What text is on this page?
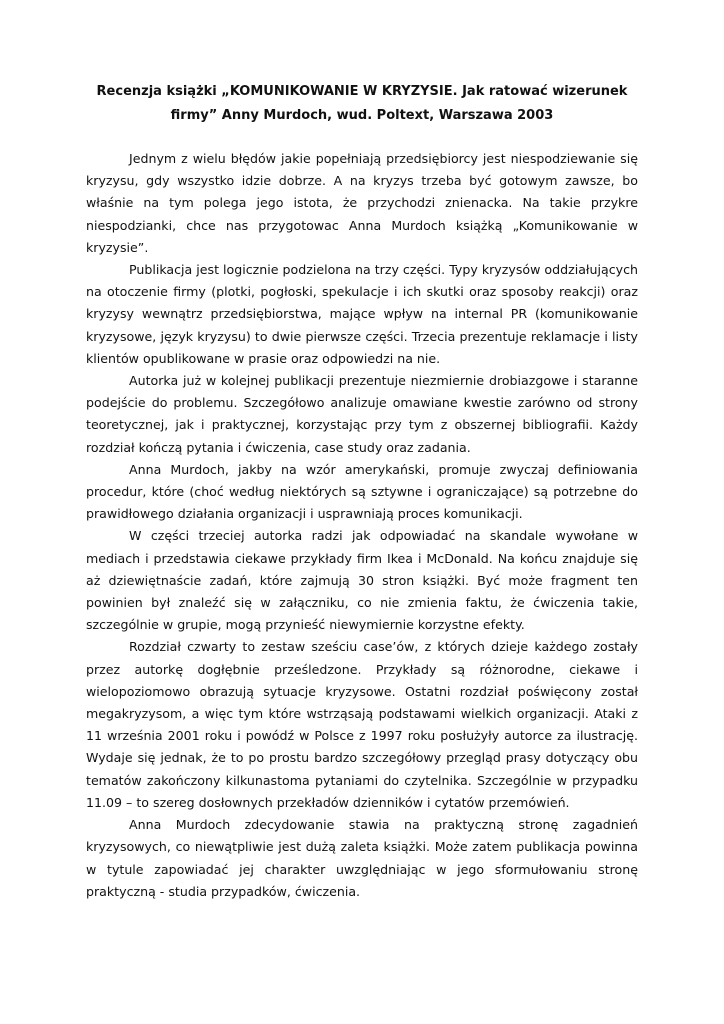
Recenzja książki „KOMUNIKOWANIE W KRYZYSIE. Jak ratować wizerunek firmy” Anny Murdoch, wud. Poltext, Warszawa 2003

Jednym z wielu błędów jakie popełniają przedsiębiorcy jest niespodziewanie się kryzysu, gdy wszystko idzie dobrze. A na kryzys trzeba być gotowym zawsze, bo właśnie na tym polega jego istota, że przychodzi znienacka. Na takie przykre niespodzianki, chce nas przygotowac Anna Murdoch książką „Komunikowanie w kryzysie”.

Publikacja jest logicznie podzielona na trzy części. Typy kryzysów oddziałujących na otoczenie firmy (plotki, pogłoski, spekulacje i ich skutki oraz sposoby reakcji) oraz kryzysy wewnątrz przedsiębiorstwa, mające wpływ na internal PR (komunikowanie kryzysowe, język kryzysu) to dwie pierwsze części. Trzecia prezentuje reklamacje i listy klientów opublikowane w prasie oraz odpowiedzi na nie.

Autorka już w kolejnej publikacji prezentuje niezmiernie drobiazgowe i staranne podejście do problemu. Szczegółowo analizuje omawiane kwestie zarówno od strony teoretycznej, jak i praktycznej, korzystając przy tym z obszernej bibliografii. Każdy rozdział kończą pytania i ćwiczenia, case study oraz zadania.

Anna Murdoch, jakby na wzór amerykański, promuje zwyczaj definiowania procedur, które (choć według niektórych są sztywne i ograniczające) są potrzebne do prawidłowego działania organizacji i usprawniają proces komunikacji.

W części trzeciej autorka radzi jak odpowiadać na skandale wywołane w mediach i przedstawia ciekawe przykłady firm Ikea i McDonald. Na końcu znajduje się aż dziewiętnaście zadań, które zajmują 30 stron książki. Być może fragment ten powinien był znaleźć się w załączniku, co nie zmienia faktu, że ćwiczenia takie, szczególnie w grupie, mogą przynieść niewymiernie korzystne efekty.

Rozdział czwarty to zestaw sześciu case’ów, z których dzieje każdego zostały przez autorkę dogłębnie prześledzone. Przykłady są różnorodne, ciekawe i wielopoziomowo obrazują sytuacje kryzysowe. Ostatni rozdział poświęcony został megakryzysom, a więc tym które wstrząsają podstawami wielkich organizacji. Ataki z 11 września 2001 roku i powódź w Polsce z 1997 roku posłużyły autorce za ilustrację. Wydaje się jednak, że to po prostu bardzo szczegółowy przegląd prasy dotyczący obu tematów zakończony kilkunastoma pytaniami do czytelnika. Szczególnie w przypadku 11.09 – to szereg dosłownych przekładów dzienników i cytatów przemówień.

Anna Murdoch zdecydowanie stawia na praktyczną stronę zagadnień kryzysowych, co niewątpliwie jest dużą zaleta książki. Może zatem publikacja powinna w tytule zapowiadać jej charakter uwzględniając w jego sformułowaniu stronę praktyczną - studia przypadków, ćwiczenia.
